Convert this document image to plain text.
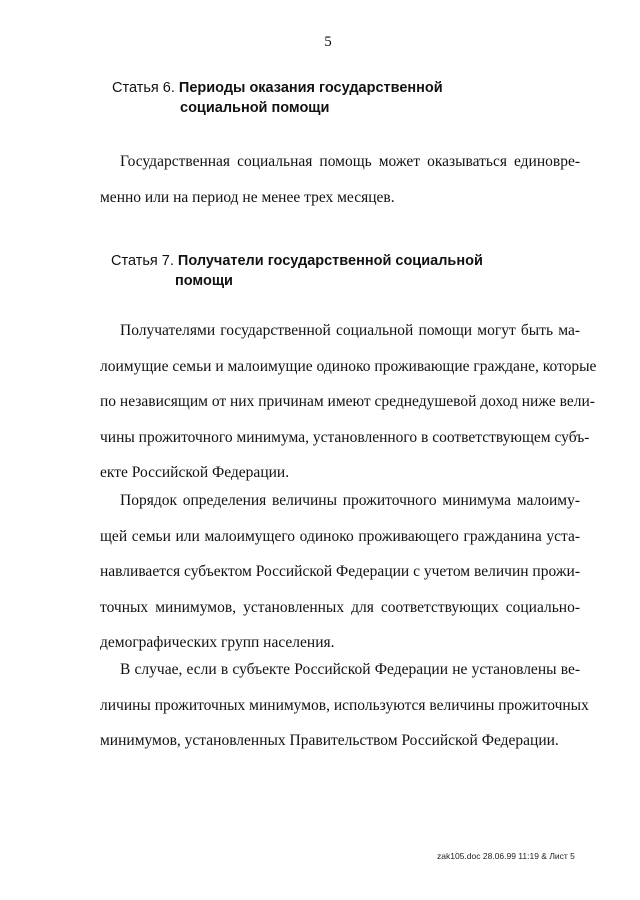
5
Статья 6. Периоды оказания государственной
социальной помощи
Государственная социальная помощь может оказываться единовре-
менно или на период не менее трех месяцев.
Статья 7. Получатели государственной социальной
помощи
Получателями государственной социальной помощи могут быть ма-
лоимущие семьи и малоимущие одиноко проживающие граждане, которые
по независящим от них причинам имеют среднедушевой доход ниже вели-
чины прожиточного минимума, установленного в соответствующем субъ-
екте Российской Федерации.
Порядок определения величины прожиточного минимума малоиму-
щей семьи или малоимущего одиноко проживающего гражданина уста-
навливается субъектом Российской Федерации с учетом величин прожи-
точных минимумов, установленных для соответствующих социально-
демографических групп населения.
В случае, если в субъекте Российской Федерации не установлены ве-
личины прожиточных минимумов, используются величины прожиточных
минимумов, установленных Правительством Российской Федерации.
zak105.doc 28.06.99 11:19 & Лист 5
